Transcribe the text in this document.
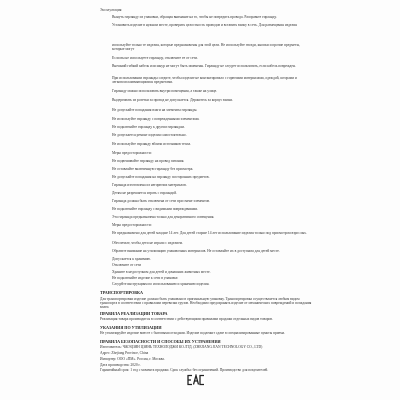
Эксплуатация:
Вынуть гирлянду из упаковки, обращая внимание на то, чтобы не повредить провода. Расправьте гирлянду.
Установить изделие в нужном месте, проверить целостность проводов и вставить вилку в сеть. Для размещения изделия
используйте только те изделия, которые предназначены для этой цели. Не используйте гвозди, кнопки и прочие предметы, которые могут
Если вы не используете гирлянду, отключите ее от сети.
Внешний гибкий кабель или шнур не могут быть заменены. Гирлянду не следует использовать, если кабель поврежден.
При использовании гирлянды следите, чтобы изделие не контактировало с горючими материалами, одеждой, шторами и легковоспламеняющимися предметами.
Гирлянду можно использовать внутри помещения, а также на улице.
Выдергивать из розетки за провод не допускается. Держитесь за корпус вилки.
Не допускайте попадания влаги на элементы гирлянды.
Не используйте гирлянду с поврежденными элементами.
Не подключайте гирлянду к другим гирляндам.
Не допускается ремонт изделия самостоятельно.
Не используйте гирлянду вблизи источников тепла.
Меры предосторожности:
Не подвешивайте гирлянду на провод питания.
Не оставляйте включенную гирлянду без присмотра.
Не допускайте попадания на гирлянду посторонних предметов.
Гирлянда изготовлена из негорючих материалов.
Детям не разрешается играть с гирляндой.
Гирлянда должна быть отключена от сети при смене элементов.
Не подключайте гирлянду с видимыми повреждениями.
Эта гирлянда предназначена только для декоративного освещения.
Меры предосторожности:
Не предназначено для детей младше 14 лет. Для детей старше 14 лет использование изделия только под присмотром взрослых.
Обеспечьте, чтобы дети не играли с изделием.
Обратите внимание на утилизацию упаковочных материалов. Не оставляйте их в доступном для детей месте.
Допускается к хранению.
Отключите от сети
Храните в недоступном для детей и домашних животных месте.
Не подключайте изделие к сети в упаковке.
Следуйте инструкциям по использованию и хранению изделия.
ТРАНСПОРТИРОВКА
Для транспортировки изделие должно быть упаковано в оригинальную упаковку. Транспортировка осуществляется любым видом транспорта в соответствии с правилами перевозки грузов. Необходимо предохранять изделие от механических повреждений и попадания влаги.
ПРАВИЛА РЕАЛИЗАЦИИ ТОВАРА
Реализация товара производится в соответствии с действующими правилами продажи отдельных видов товаров.
УКАЗАНИЯ ПО УТИЛИЗАЦИИ
Не утилизируйте изделие вместе с бытовыми отходами. Изделие подлежит сдаче в специализированные пункты приема.
ПРАВИЛА БЕЗОПАСНОСТИ И СПОСОБЫ ИХ УСТРАНЕНИЯ
Изготовитель: ЧЖЭЦЗЯН ЦЗЯНЬ ТЕХНОЛОДЖИ КО.ЛТД. (ZHEJIANG JIAN TECHNOLOGY CO., LTD)
Адрес: Zhejiang Province, China
Импортер: ООО «ПМ». Россия, г. Москва.
Дата производства: 2020 г.
Гарантийный срок: 1 год с момента продажи. Срок службы: без ограничений. Производство для покупателей.
